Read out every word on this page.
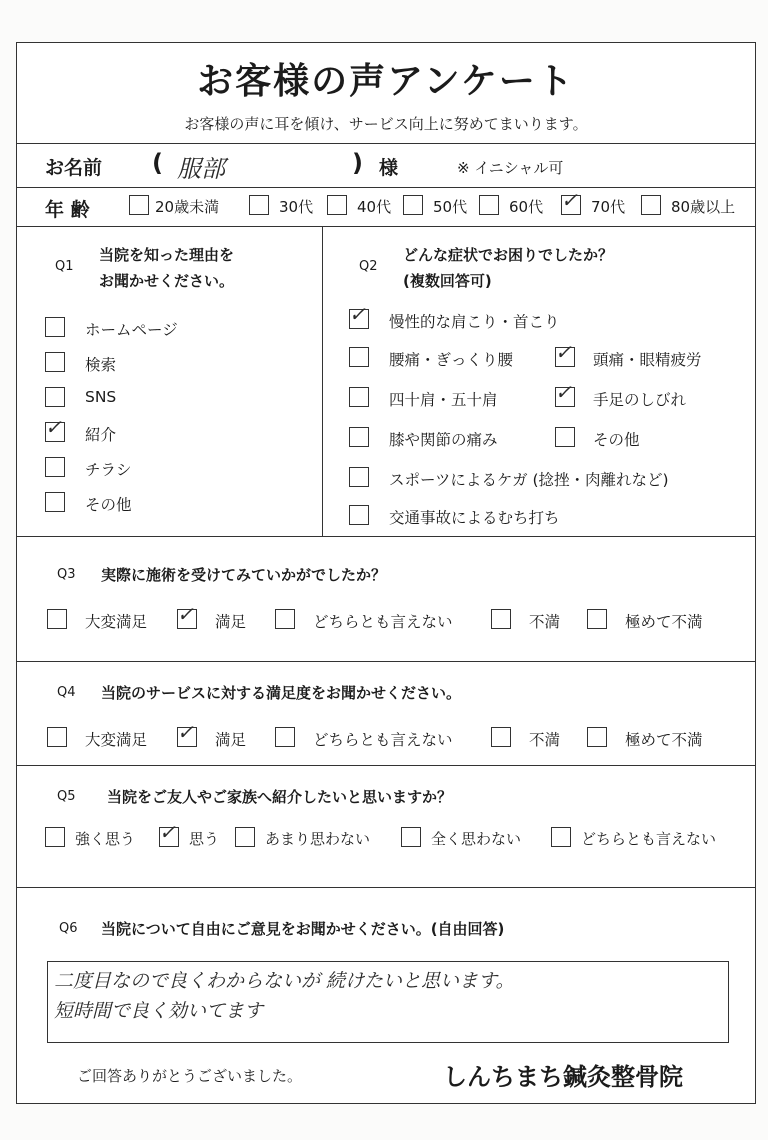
お客様の声アンケート
お客様の声に耳を傾け、サービス向上に努めてまいります。
お名前 ( 服部	) 様	※ イニシャル可
年 齢
Q1
当院を知った理由を
お聞かせください。
Q2
どんな症状でお困りでしたか？
(複数回答可)
Q3 実際に施術を受けてみていかがでしたか？
Q4 当院のサービスに対する満足度をお聞かせください。
Q5 当院をご友人やご家族へ紹介したいと思いますか？
Q6 当院について自由にご意見をお聞かせください。(自由回答)
二度目なので良くわからないが 続けたいと思います。
短時間で良く効いてます
ご回答ありがとうございました。	しんちまち鍼灸整骨院
20歳未満	30代	40代	50代	60代 ✓ 70代	80歳以上
ホームページ
検索
SNS
✓ 紹介
チラシ
その他
✓ 慢性的な肩こり・首こり
腰痛・ぎっくり腰 ✓ 頭痛・眼精疲労
四十肩・五十肩	✓ 手足のしびれ
膝や関節の痛み	その他
スポーツによるケガ (捻挫・肉離れなど)
交通事故によるむち打ち
大変満足 ✓ 満足	どちらとも言えない	不満	極めて不満
大変満足 ✓ 満足	どちらとも言えない	不満	極めて不満
強く思う ✓ 思う	あまり思わない	全く思わない	どちらとも言えない
